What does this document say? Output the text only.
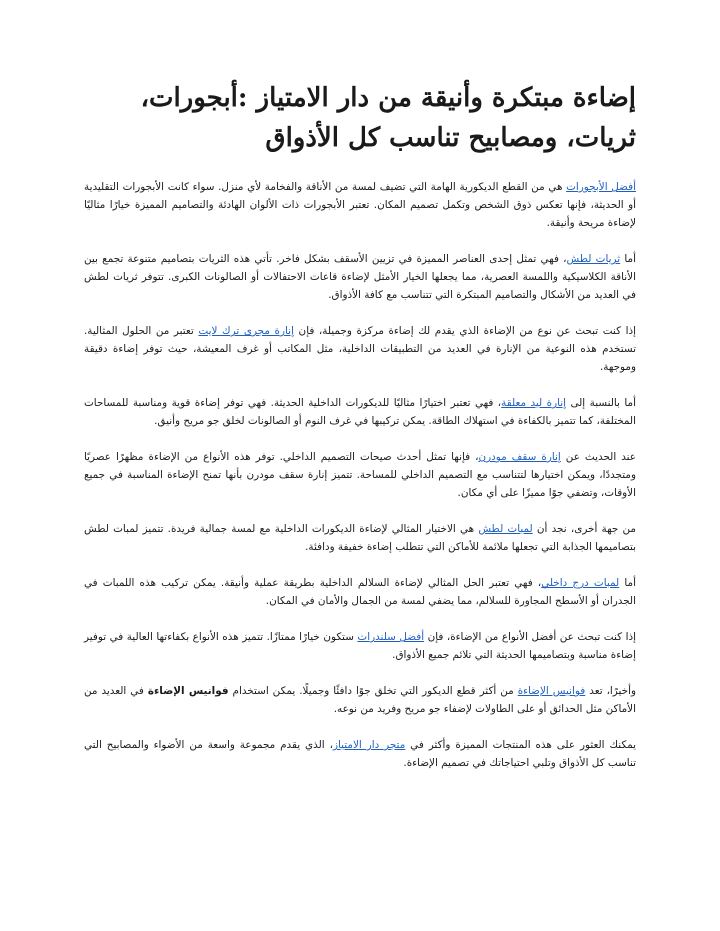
إضاءة مبتكرة وأنيقة من دار الامتياز :أبجورات، ثريات، ومصابيح تناسب كل الأذواق

أفضل الأبجورات هي من القطع الديكورية الهامة التي تضيف لمسة من الأناقة والفخامة لأي منزل. سواء كانت الأبجورات التقليدية أو الحديثة، فإنها تعكس ذوق الشخص وتكمل تصميم المكان. تعتبر الأبجورات ذات الألوان الهادئة والتصاميم المميزة خيارًا مثاليًا لإضاءة مريحة وأنيقة.

أما ثريات لطش، فهي تمثل إحدى العناصر المميزة في تزيين الأسقف بشكل فاخر. تأتي هذه الثريات بتصاميم متنوعة تجمع بين الأناقة الكلاسيكية واللمسة العصرية، مما يجعلها الخيار الأمثل لإضاءة قاعات الاحتفالات أو الصالونات الكبرى. تتوفر ثريات لطش في العديد من الأشكال والتصاميم المبتكرة التي تتناسب مع كافة الأذواق.

إذا كنت تبحث عن نوع من الإضاءة الذي يقدم لك إضاءة مركزة وجميلة، فإن إنارة مجرى ترك لايت تعتبر من الحلول المثالية. تستخدم هذه النوعية من الإنارة في العديد من التطبيقات الداخلية، مثل المكاتب أو غرف المعيشة، حيث توفر إضاءة دقيقة وموجهة.

أما بالنسبة إلى إنارة ليد معلقة، فهي تعتبر اختيارًا مثاليًا للديكورات الداخلية الحديثة. فهي توفر إضاءة قوية ومناسبة للمساحات المختلفة، كما تتميز بالكفاءة في استهلاك الطاقة. يمكن تركيبها في غرف النوم أو الصالونات لخلق جو مريح وأنيق.

عند الحديث عن إنارة سقف مودرن، فإنها تمثل أحدث صيحات التصميم الداخلي. توفر هذه الأنواع من الإضاءة مظهرًا عصريًا ومتجددًا، ويمكن اختيارها لتتناسب مع التصميم الداخلي للمساحة. تتميز إنارة سقف مودرن بأنها تمنح الإضاءة المناسبة في جميع الأوقات، وتضفي جوًا مميزًا على أي مكان.

من جهة أخرى، نجد أن لمبات لطش هي الاختيار المثالي لإضاءة الديكورات الداخلية مع لمسة جمالية فريدة. تتميز لمبات لطش بتصاميمها الجذابة التي تجعلها ملائمة للأماكن التي تتطلب إضاءة خفيفة ودافئة.

أما لمبات درج داخلي، فهي تعتبر الحل المثالي لإضاءة السلالم الداخلية بطريقة عملية وأنيقة. يمكن تركيب هذه اللمبات في الجدران أو الأسطح المجاورة للسلالم، مما يضفي لمسة من الجمال والأمان في المكان.

إذا كنت تبحث عن أفضل الأنواع من الإضاءة، فإن أفضل سلندرات ستكون خيارًا ممتازًا. تتميز هذه الأنواع بكفاءتها العالية في توفير إضاءة مناسبة وبتصاميمها الحديثة التي تلائم جميع الأذواق.

وأخيرًا، تعد فوانيس الإضاءة من أكثر قطع الديكور التي تخلق جوًا دافئًا وجميلًا. يمكن استخدام فوانيس الإضاءة في العديد من الأماكن مثل الحدائق أو على الطاولات لإضفاء جو مريح وفريد من نوعه.

يمكنك العثور على هذه المنتجات المميزة وأكثر في متجر دار الامتياز، الذي يقدم مجموعة واسعة من الأضواء والمصابيح التي تناسب كل الأذواق وتلبي احتياجاتك في تصميم الإضاءة.
